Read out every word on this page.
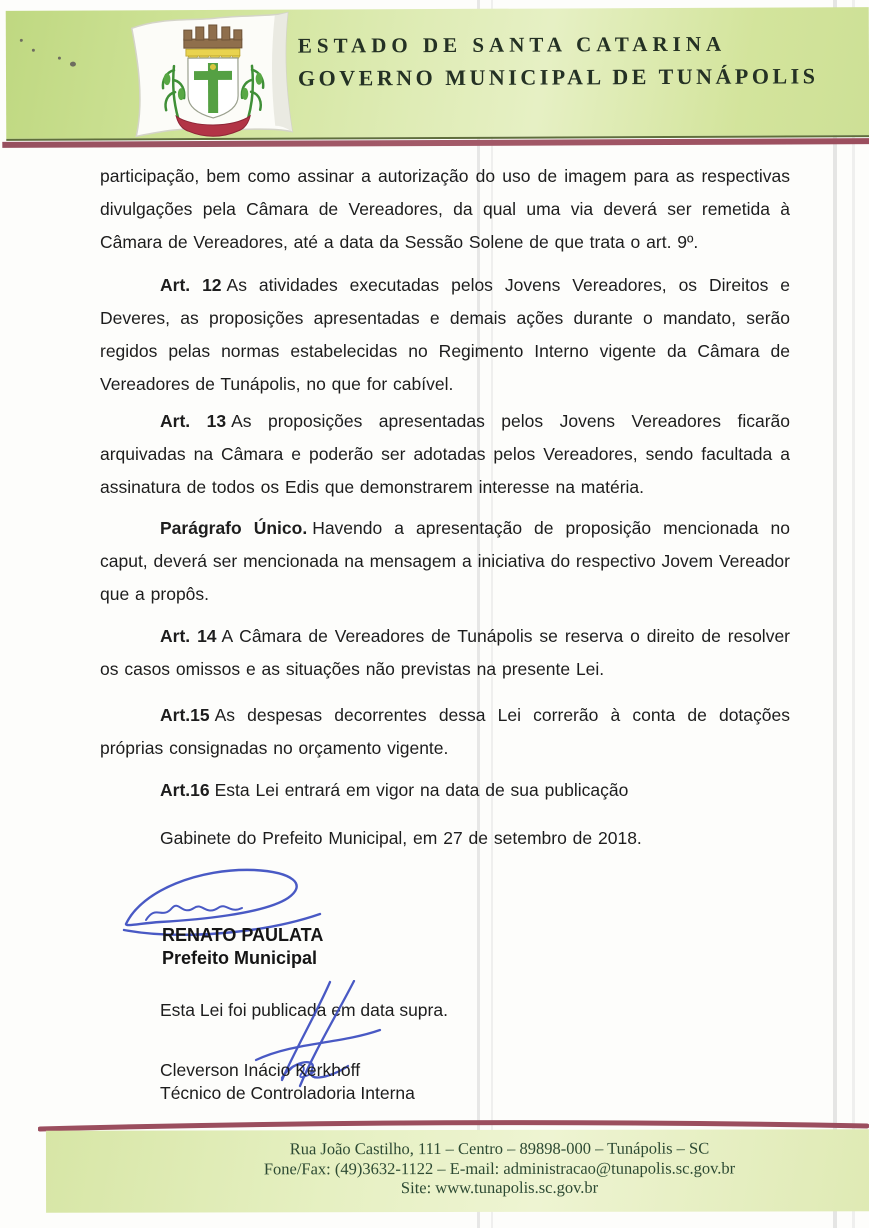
ESTADO DE SANTA CATARINA
GOVERNO MUNICIPAL DE TUNÁPOLIS

participação, bem como assinar a autorização do uso de imagem para as respectivas divulgações pela Câmara de Vereadores, da qual uma via deverá ser remetida à Câmara de Vereadores, até a data da Sessão Solene de que trata o art. 9º.

Art. 12 As atividades executadas pelos Jovens Vereadores, os Direitos e Deveres, as proposições apresentadas e demais ações durante o mandato, serão regidos pelas normas estabelecidas no Regimento Interno vigente da Câmara de Vereadores de Tunápolis, no que for cabível.

Art. 13 As proposições apresentadas pelos Jovens Vereadores ficarão arquivadas na Câmara e poderão ser adotadas pelos Vereadores, sendo facultada a assinatura de todos os Edis que demonstrarem interesse na matéria.

Parágrafo Único. Havendo a apresentação de proposição mencionada no caput, deverá ser mencionada na mensagem a iniciativa do respectivo Jovem Vereador que a propôs.

Art. 14 A Câmara de Vereadores de Tunápolis se reserva o direito de resolver os casos omissos e as situações não previstas na presente Lei.

Art.15 As despesas decorrentes dessa Lei correrão à conta de dotações próprias consignadas no orçamento vigente.

Art.16 Esta Lei entrará em vigor na data de sua publicação

Gabinete do Prefeito Municipal, em 27 de setembro de 2018.

RENATO PAULATA
Prefeito Municipal
Esta Lei foi publicada em data supra.
Cleverson Inácio Kerkhoff
Técnico de Controladoria Interna
Rua João Castilho, 111 – Centro – 89898-000 – Tunápolis – SC
Fone/Fax: (49)3632-1122 – E-mail: administracao@tunapolis.sc.gov.br
Site: www.tunapolis.sc.gov.br
